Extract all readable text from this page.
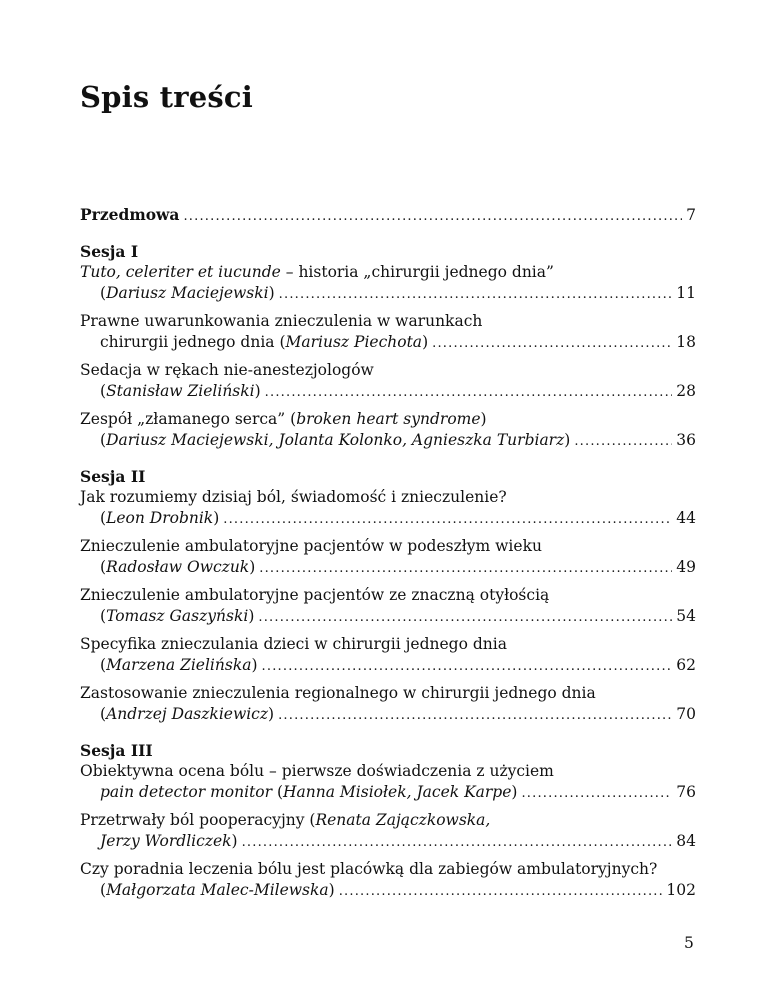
Spis treści
Przedmowa .....	7
Sesja I
Tuto, celeriter et iucunde – historia „chirurgii jednego dnia”
(Dariusz Maciejewski) .....	11
Prawne uwarunkowania znieczulenia w warunkach
chirurgii jednego dnia (Mariusz Piechota) .....	18
Sedacja w rękach nie-anestezjologów
(Stanisław Zieliński) .....	28
Zespół „złamanego serca” (broken heart syndrome)
(Dariusz Maciejewski, Jolanta Kolonko, Agnieszka Turbiarz) .....	36
Sesja II
Jak rozumiemy dzisiaj ból, świadomość i znieczulenie?
(Leon Drobnik) .....	44
Znieczulenie ambulatoryjne pacjentów w podeszłym wieku
(Radosław Owczuk) .....	49
Znieczulenie ambulatoryjne pacjentów ze znaczną otyłością
(Tomasz Gaszyński) .....	54
Specyfika znieczulania dzieci w chirurgii jednego dnia
(Marzena Zielińska) .....	62
Zastosowanie znieczulenia regionalnego w chirurgii jednego dnia
(Andrzej Daszkiewicz) .....	70
Sesja III
Obiektywna ocena bólu – pierwsze doświadczenia z użyciem
pain detector monitor (Hanna Misiołek, Jacek Karpe) .....	76
Przetrwały ból pooperacyjny (Renata Zajączkowska,
Jerzy Wordliczek) .....	84
Czy poradnia leczenia bólu jest placówką dla zabiegów ambulatoryjnych?
(Małgorzata Malec-Milewska) .....	102
5
